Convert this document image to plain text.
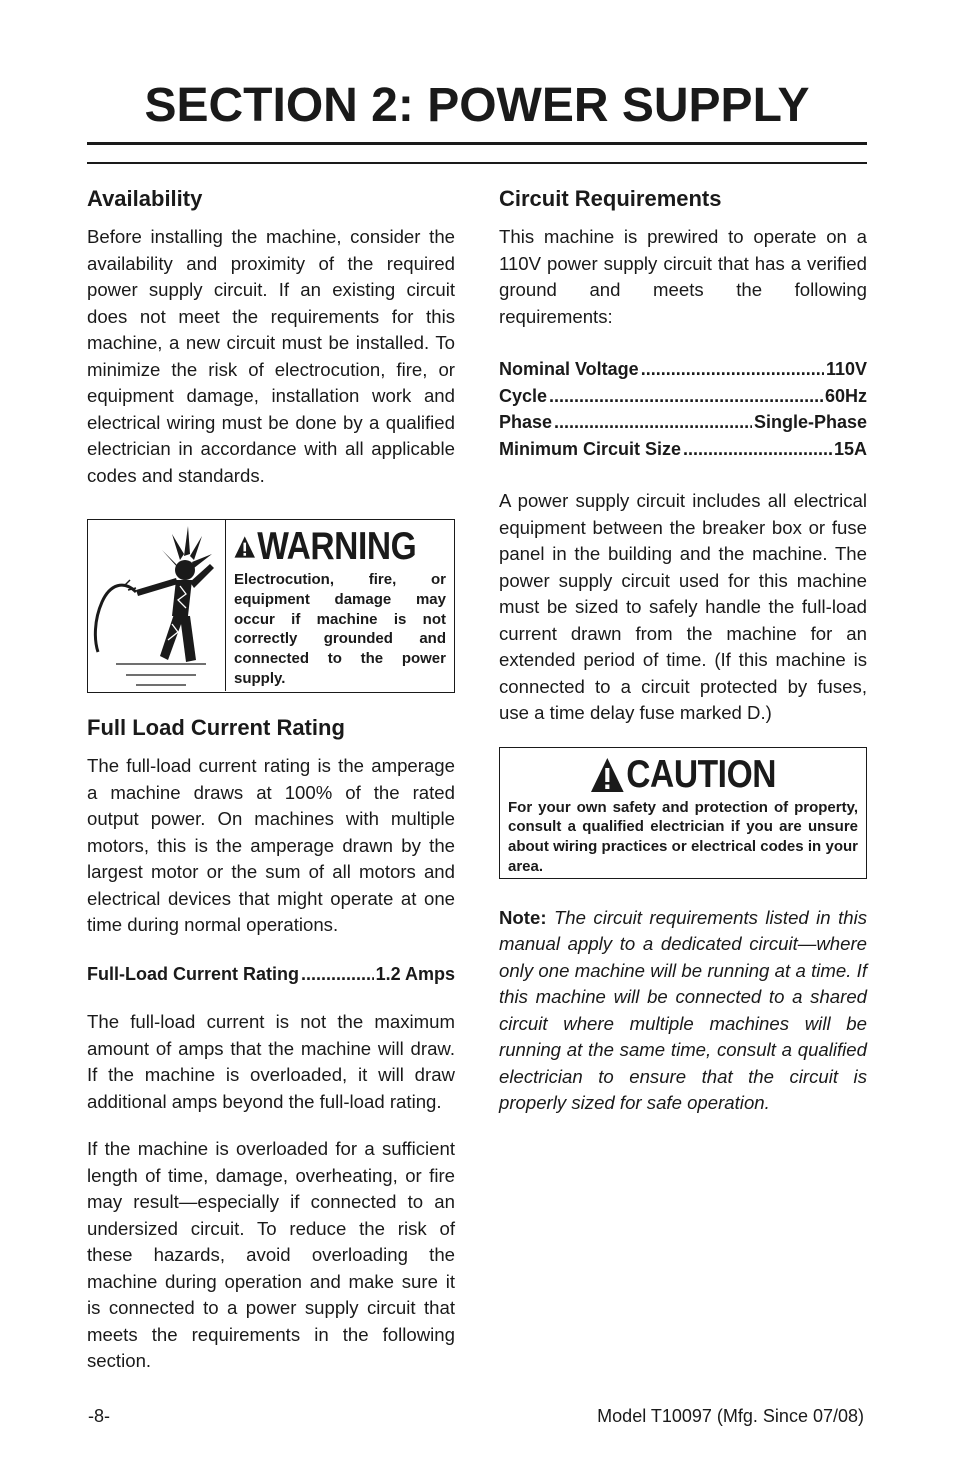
SECTION 2: POWER SUPPLY
Availability

Before installing the machine, consider the availability and proximity of the required power supply circuit. If an existing circuit does not meet the requirements for this machine, a new circuit must be installed. To minimize the risk of electrocution, fire, or equipment damage, installation work and electrical wiring must be done by a qualified electrician in accordance with all applicable codes and standards.

WARNING

Electrocution, fire, or equipment damage may occur if machine is not correctly grounded and connected to the power supply.

Full Load Current Rating

The full-load current rating is the amperage a machine draws at 100% of the rated output power. On machines with multiple motors, this is the amperage drawn by the largest motor or the sum of all motors and electrical devices that might operate at one time during normal operations.

Full-Load Current Rating .....	1.2 Amps

The full-load current is not the maximum amount of amps that the machine will draw. If the machine is overloaded, it will draw additional amps beyond the full-load rating.

If the machine is overloaded for a sufficient length of time, damage, overheating, or fire may result—especially if connected to an undersized circuit. To reduce the risk of these hazards, avoid overloading the machine during operation and make sure it is connected to a power supply circuit that meets the requirements in the following section.

Circuit Requirements

This machine is prewired to operate on a 110V power supply circuit that has a verified ground and meets the following requirements:

Nominal Voltage .....	110V
Cycle .....	60Hz
Phase .....	Single-Phase
Minimum Circuit Size .....	15A

A power supply circuit includes all electrical equipment between the breaker box or fuse panel in the building and the machine. The power supply circuit used for this machine must be sized to safely handle the full-load current drawn from the machine for an extended period of time. (If this machine is connected to a circuit protected by fuses, use a time delay fuse marked D.)

CAUTION

For your own safety and protection of property, consult a qualified electrician if you are unsure about wiring practices or electrical codes in your area.

Note: The circuit requirements listed in this manual apply to a dedicated circuit—where only one machine will be running at a time. If this machine will be connected to a shared circuit where multiple machines will be running at the same time, consult a qualified electrician to ensure that the circuit is properly sized for safe operation.

-8-	Model T10097 (Mfg. Since 07/08)
